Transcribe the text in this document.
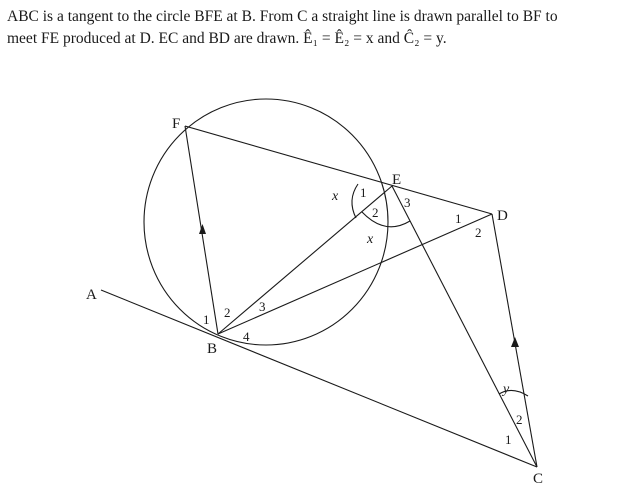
ABC is a tangent to the circle BFE at B. From C a straight line is drawn parallel to BF to
meet FE produced at D. EC and BD are drawn. Ê₁ = Ê₂ = x and Ĉ₂ = y.

A
B
C
D
E
F
1 2 3
4
1
2
3
1
2
1
2
x
x
y
